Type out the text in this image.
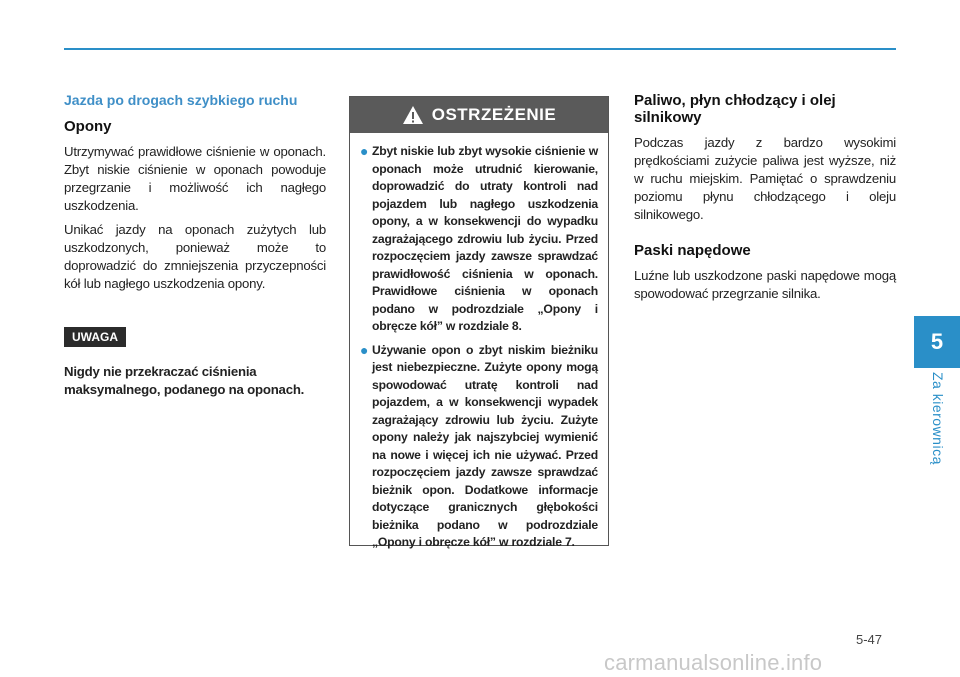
Jazda po drogach szybkiego ruchu

Opony

Utrzymywać prawidłowe ciśnienie w oponach. Zbyt niskie ciśnienie w oponach powoduje przegrzanie i możliwość ich nagłego uszkodzenia.

Unikać jazdy na oponach zużytych lub uszkodzonych, ponieważ może to doprowadzić do zmniejszenia przyczepności kół lub nagłego uszkodzenia opony.

UWAGA

Nigdy nie przekraczać ciśnienia maksymalnego, podanego na oponach.

OSTRZEŻENIE
● Zbyt niskie lub zbyt wysokie ciśnienie w oponach może utrudnić kierowanie, doprowadzić do utraty kontroli nad pojazdem lub nagłego uszkodzenia opony, a w konsekwencji do wypadku zagrażającego zdrowiu lub życiu. Przed rozpoczęciem jazdy zawsze sprawdzać prawidłowość ciśnienia w oponach. Prawidłowe ciśnienia w oponach podano w podrozdziale „Opony i obręcze kół” w rozdziale 8.
● Używanie opon o zbyt niskim bieżniku jest niebezpieczne. Zużyte opony mogą spowodować utratę kontroli nad pojazdem, a w konsekwencji wypadek zagrażający zdrowiu lub życiu. Zużyte opony należy jak najszybciej wymienić na nowe i więcej ich nie używać. Przed rozpoczęciem jazdy zawsze sprawdzać bieżnik opon. Dodatkowe informacje dotyczące granicznych głębokości bieżnika podano w podrozdziale „Opony i obręcze kół” w rozdziale 7.

Paliwo, płyn chłodzący i olej silnikowy

Podczas jazdy z bardzo wysokimi prędkościami zużycie paliwa jest wyższe, niż w ruchu miejskim. Pamiętać o sprawdzeniu poziomu płynu chłodzącego i oleju silnikowego.

Paski napędowe

Luźne lub uszkodzone paski napędowe mogą spowodować przegrzanie silnika.

5
Za kierownicą
5-47
carmanualsonline.info
